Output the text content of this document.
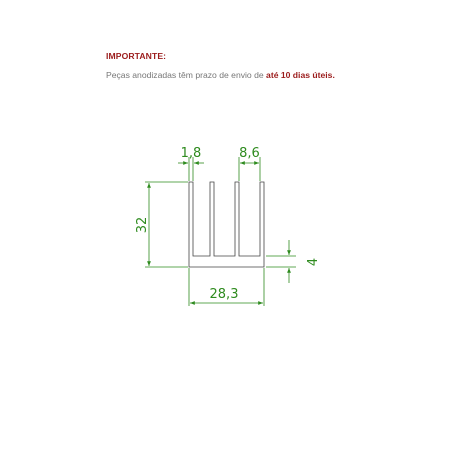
IMPORTANTE:
Peças anodizadas têm prazo de envio de até 10 dias úteis.
32
1,8	8,6
4
28,3
